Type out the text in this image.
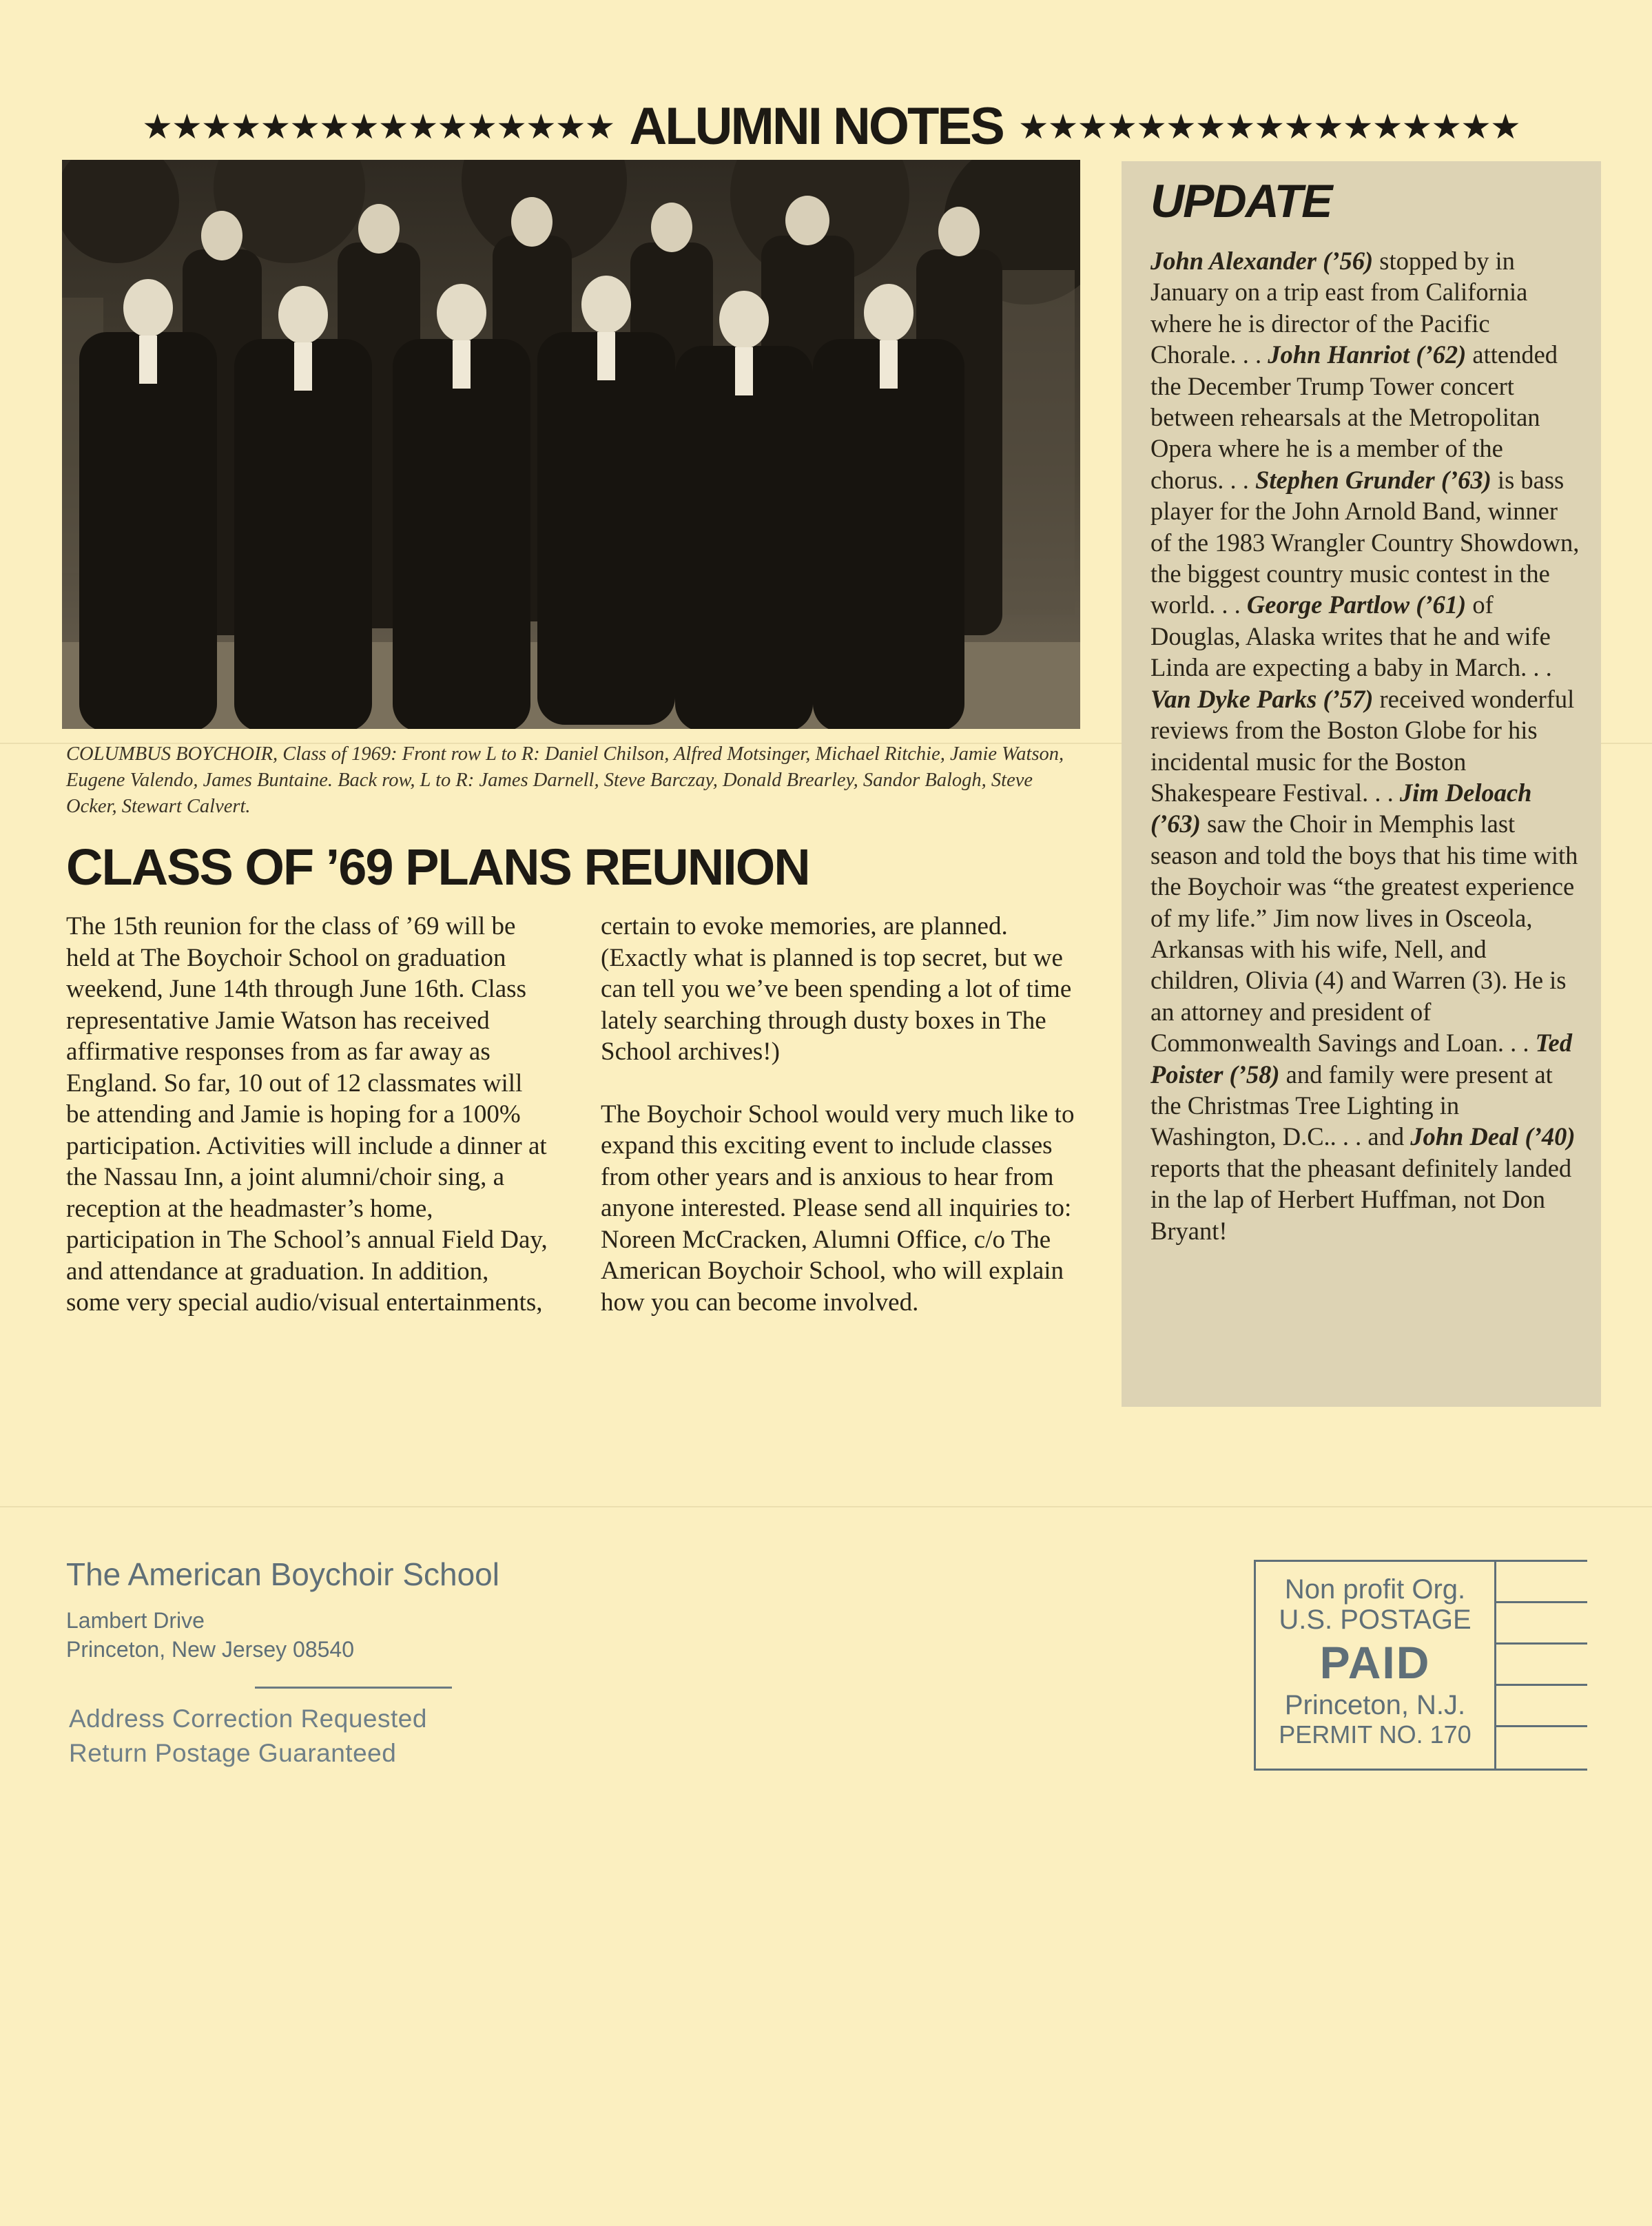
★★★★★★★★★★★★★★★★ ALUMNI NOTES ★★★★★★★★★★★★★★★★★
COLUMBUS BOYCHOIR, Class of 1969: Front row L to R: Daniel Chilson, Alfred Motsinger, Michael Ritchie, Jamie Watson, Eugene Valendo, James Buntaine. Back row, L to R: James Darnell, Steve Barczay, Donald Brearley, Sandor Balogh, Steve Ocker, Stewart Calvert.
CLASS OF ’69 PLANS REUNION

The 15th reunion for the class of ’69 will be held at The Boychoir School on graduation weekend, June 14th through June 16th. Class representative Jamie Watson has received affirmative responses from as far away as England. So far, 10 out of 12 classmates will be attending and Jamie is hoping for a 100% participation. Activities will include a dinner at the Nassau Inn, a joint alumni/choir sing, a reception at the headmaster’s home, participation in The School’s annual Field Day, and attendance at graduation. In addition, some very special audio/visual entertainments,

certain to evoke memories, are planned. (Exactly what is planned is top secret, but we can tell you we’ve been spending a lot of time lately searching through dusty boxes in The School archives!)

The Boychoir School would very much like to expand this exciting event to include classes from other years and is anxious to hear from anyone interested. Please send all inquiries to: Noreen McCracken, Alumni Office, c/o The American Boychoir School, who will explain how you can become involved.

UPDATE
John Alexander (’56) stopped by in January on a trip east from California where he is director of the Pacific Chorale. . . John Hanriot (’62) attended the December Trump Tower concert between rehearsals at the Metropolitan Opera where he is a member of the chorus. . . Stephen Grunder (’63) is bass player for the John Arnold Band, winner of the 1983 Wrangler Country Showdown, the biggest country music contest in the world. . . George Partlow (’61) of Douglas, Alaska writes that he and wife Linda are expecting a baby in March. . . Van Dyke Parks (’57) received wonderful reviews from the Boston Globe for his incidental music for the Boston Shakespeare Festival. . . Jim Deloach (’63) saw the Choir in Memphis last season and told the boys that his time with the Boychoir was “the greatest experience of my life.” Jim now lives in Osceola, Arkansas with his wife, Nell, and children, Olivia (4) and Warren (3). He is an attorney and president of Commonwealth Savings and Loan. . . Ted Poister (’58) and family were present at the Christmas Tree Lighting in Washington, D.C.. . . and John Deal (’40) reports that the pheasant definitely landed in the lap of Herbert Huffman, not Don Bryant!
The American Boychoir School
Lambert Drive
Princeton, New Jersey 08540
Address Correction Requested
Return Postage Guaranteed
Non profit Org.
U.S. POSTAGE
PAID
Princeton, N.J.
PERMIT NO. 170
